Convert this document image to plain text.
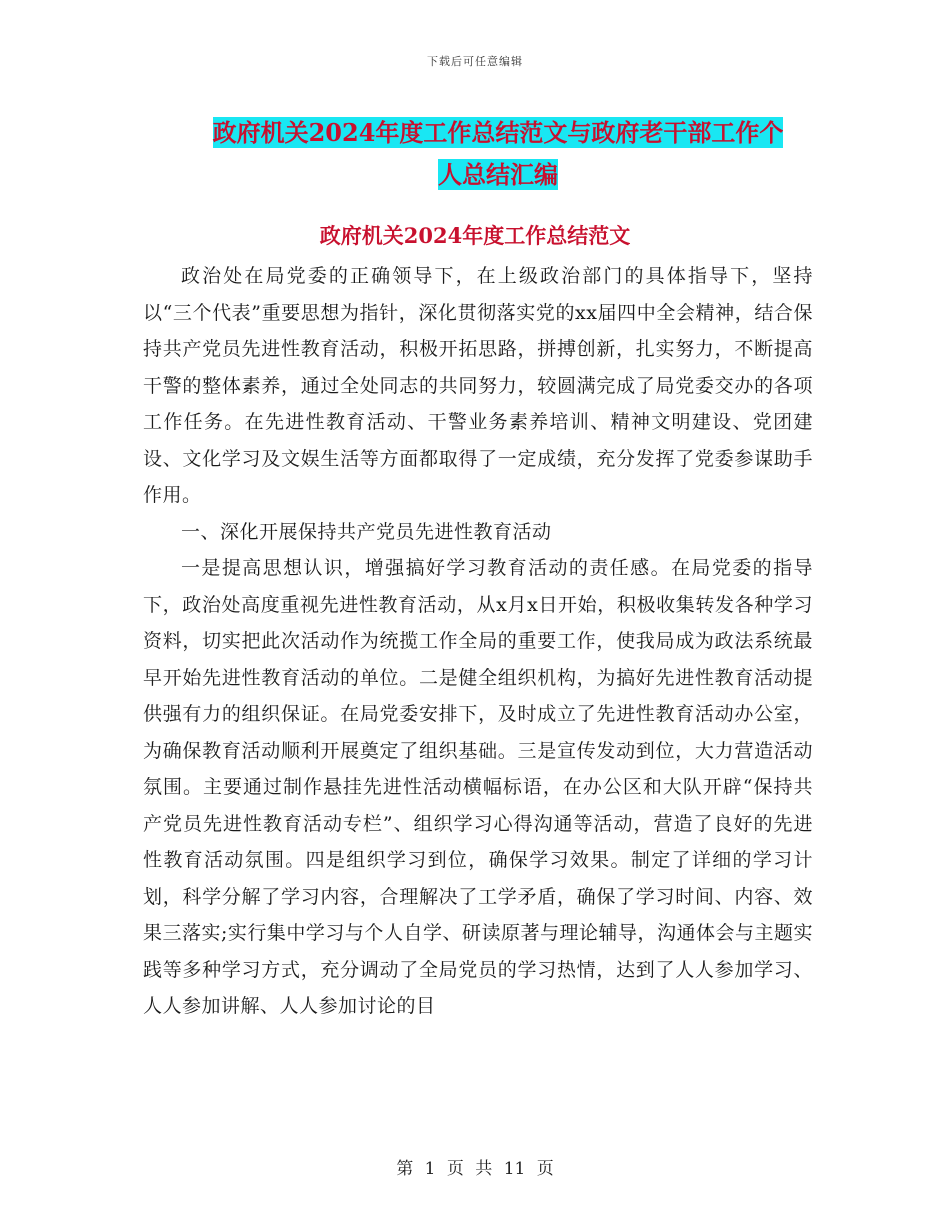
下载后可任意编辑
政府机关2024年度工作总结范文与政府老干部工作个
人总结汇编
政府机关2024年度工作总结范文

政治处在局党委的正确领导下，在上级政治部门的具体指导下，坚持以“三个代表”重要思想为指针，深化贯彻落实党的xx届四中全会精神，结合保持共产党员先进性教育活动，积极开拓思路，拼搏创新，扎实努力，不断提高干警的整体素养，通过全处同志的共同努力，较圆满完成了局党委交办的各项工作任务。在先进性教育活动、干警业务素养培训、精神文明建设、党团建设、文化学习及文娱生活等方面都取得了一定成绩，充分发挥了党委参谋助手作用。

一、深化开展保持共产党员先进性教育活动

一是提高思想认识，增强搞好学习教育活动的责任感。在局党委的指导下，政治处高度重视先进性教育活动，从x月x日开始，积极收集转发各种学习资料，切实把此次活动作为统揽工作全局的重要工作，使我局成为政法系统最早开始先进性教育活动的单位。二是健全组织机构，为搞好先进性教育活动提供强有力的组织保证。在局党委安排下，及时成立了先进性教育活动办公室，为确保教育活动顺利开展奠定了组织基础。三是宣传发动到位，大力营造活动氛围。主要通过制作悬挂先进性活动横幅标语，在办公区和大队开辟“保持共产党员先进性教育活动专栏”、组织学习心得沟通等活动，营造了良好的先进性教育活动氛围。四是组织学习到位，确保学习效果。制定了详细的学习计划，科学分解了学习内容，合理解决了工学矛盾，确保了学习时间、内容、效果三落实;实行集中学习与个人自学、研读原著与理论辅导，沟通体会与主题实践等多种学习方式，充分调动了全局党员的学习热情，达到了人人参加学习、人人参加讲解、人人参加讨论的目

第 1 页 共 11 页
